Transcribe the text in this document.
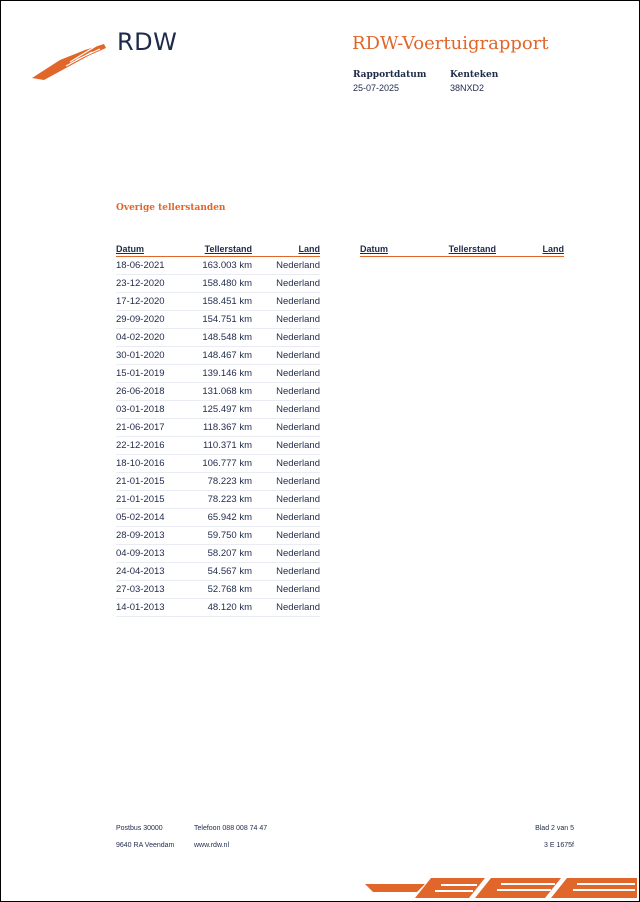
RDW	RDW-Voertuigrapport
Rapportdatum
25-07-2025
Kenteken
38NXD2
Overige tellerstanden
Datum	Tellerstand	Land
18-06-2021	163.003 km	Nederland
23-12-2020	158.480 km	Nederland
17-12-2020	158.451 km	Nederland
29-09-2020	154.751 km	Nederland
04-02-2020	148.548 km	Nederland
30-01-2020	148.467 km	Nederland
15-01-2019	139.146 km	Nederland
26-06-2018	131.068 km	Nederland
03-01-2018	125.497 km	Nederland
21-06-2017	118.367 km	Nederland
22-12-2016	110.371 km	Nederland
18-10-2016	106.777 km	Nederland
21-01-2015	78.223 km	Nederland
21-01-2015	78.223 km	Nederland
05-02-2014	65.942 km	Nederland
28-09-2013	59.750 km	Nederland
04-09-2013	58.207 km	Nederland
24-04-2013	54.567 km	Nederland
27-03-2013	52.768 km	Nederland
14-01-2013	48.120 km	Nederland
Datum	Tellerstand	Land
Postbus 30000	Telefoon 088 008 74 47
9640 RA Veendam	www.rdw.nl
Blad 2 van 5
3 E 1675f
